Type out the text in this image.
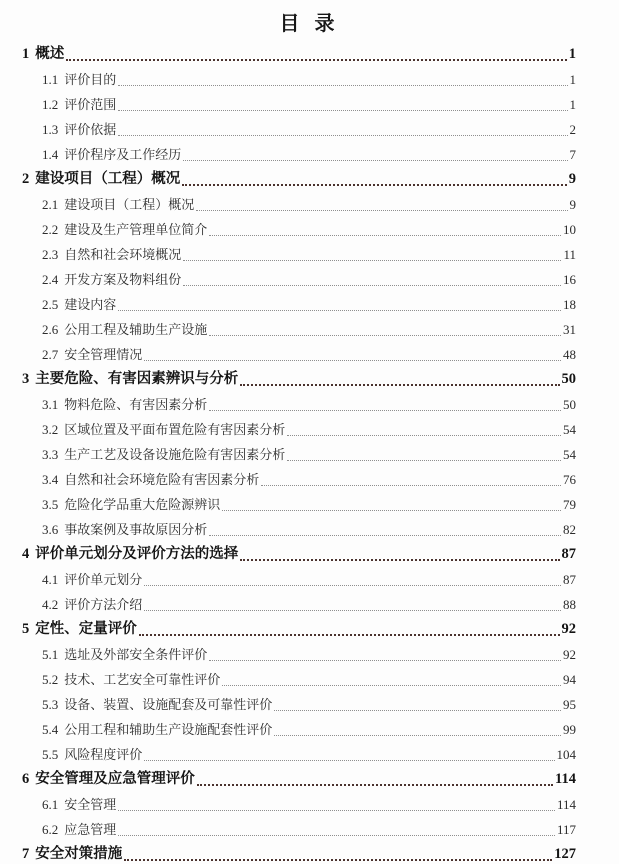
目 录
1 概述	1
1.1 评价目的	1
1.2 评价范围	1
1.3 评价依据	2
1.4 评价程序及工作经历	7
2 建设项目（工程）概况	9
2.1 建设项目（工程）概况	9
2.2 建设及生产管理单位简介	10
2.3 自然和社会环境概况	11
2.4 开发方案及物料组份	16
2.5 建设内容	18
2.6 公用工程及辅助生产设施	31
2.7 安全管理情况	48
3 主要危险、有害因素辨识与分析	50
3.1 物料危险、有害因素分析	50
3.2 区域位置及平面布置危险有害因素分析	54
3.3 生产工艺及设备设施危险有害因素分析	54
3.4 自然和社会环境危险有害因素分析	76
3.5 危险化学品重大危险源辨识	79
3.6 事故案例及事故原因分析	82
4 评价单元划分及评价方法的选择	87
4.1 评价单元划分	87
4.2 评价方法介绍	88
5 定性、定量评价	92
5.1 选址及外部安全条件评价	92
5.2 技术、工艺安全可靠性评价	94
5.3 设备、装置、设施配套及可靠性评价	95
5.4 公用工程和辅助生产设施配套性评价	99
5.5 风险程度评价	104
6 安全管理及应急管理评价	114
6.1 安全管理	114
6.2 应急管理	117
7 安全对策措施	127
